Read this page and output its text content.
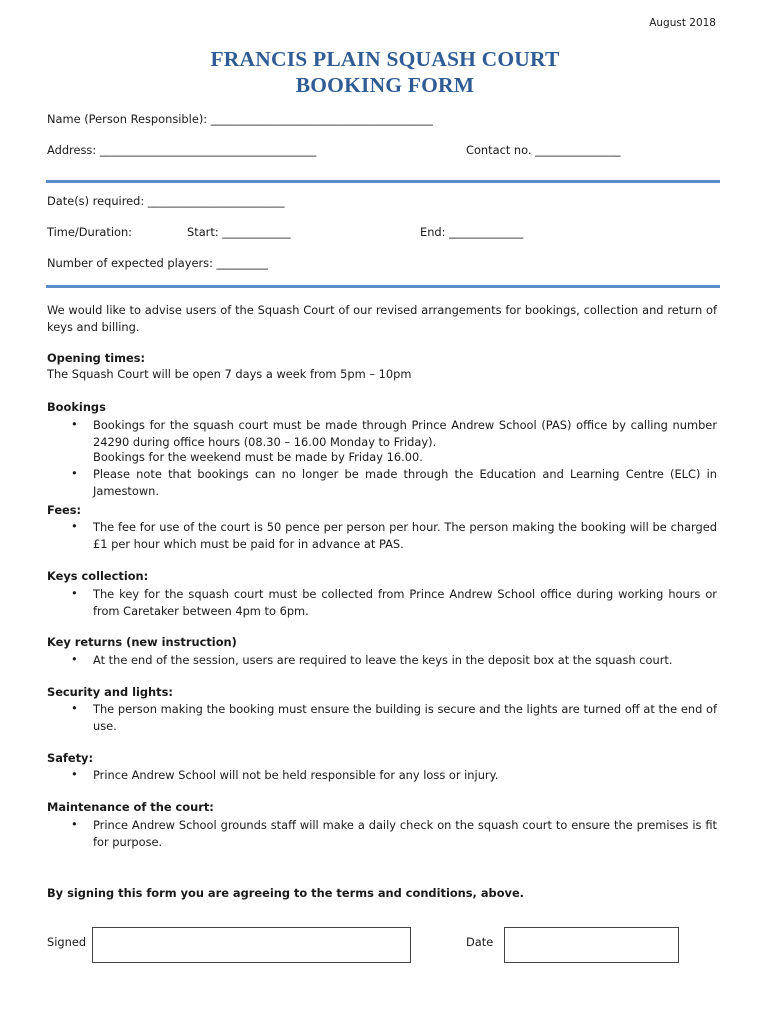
August 2018
FRANCIS PLAIN SQUASH COURT
BOOKING FORM
Name (Person Responsible): _______________________________________
Address: ______________________________________	Contact no. _______________
Date(s) required: ________________________
Time/Duration:	Start: ____________	End: _____________
Number of expected players: _________
We would like to advise users of the Squash Court of our revised arrangements for bookings, collection and return of keys and billing.
Opening times:
The Squash Court will be open 7 days a week from 5pm – 10pm
Bookings
• Bookings for the squash court must be made through Prince Andrew School (PAS) office by calling number 24290 during office hours (08.30 – 16.00 Monday to Friday).
Bookings for the weekend must be made by Friday 16.00.
• Please note that bookings can no longer be made through the Education and Learning Centre (ELC) in Jamestown.
Fees:
• The fee for use of the court is 50 pence per person per hour. The person making the booking will be charged £1 per hour which must be paid for in advance at PAS.
Keys collection:
• The key for the squash court must be collected from Prince Andrew School office during working hours or from Caretaker between 4pm to 6pm.
Key returns (new instruction)
• At the end of the session, users are required to leave the keys in the deposit box at the squash court.
Security and lights:
• The person making the booking must ensure the building is secure and the lights are turned off at the end of use.
Safety:
• Prince Andrew School will not be held responsible for any loss or injury.
Maintenance of the court:
• Prince Andrew School grounds staff will make a daily check on the squash court to ensure the premises is fit for purpose.
By signing this form you are agreeing to the terms and conditions, above.
Signed	Date
